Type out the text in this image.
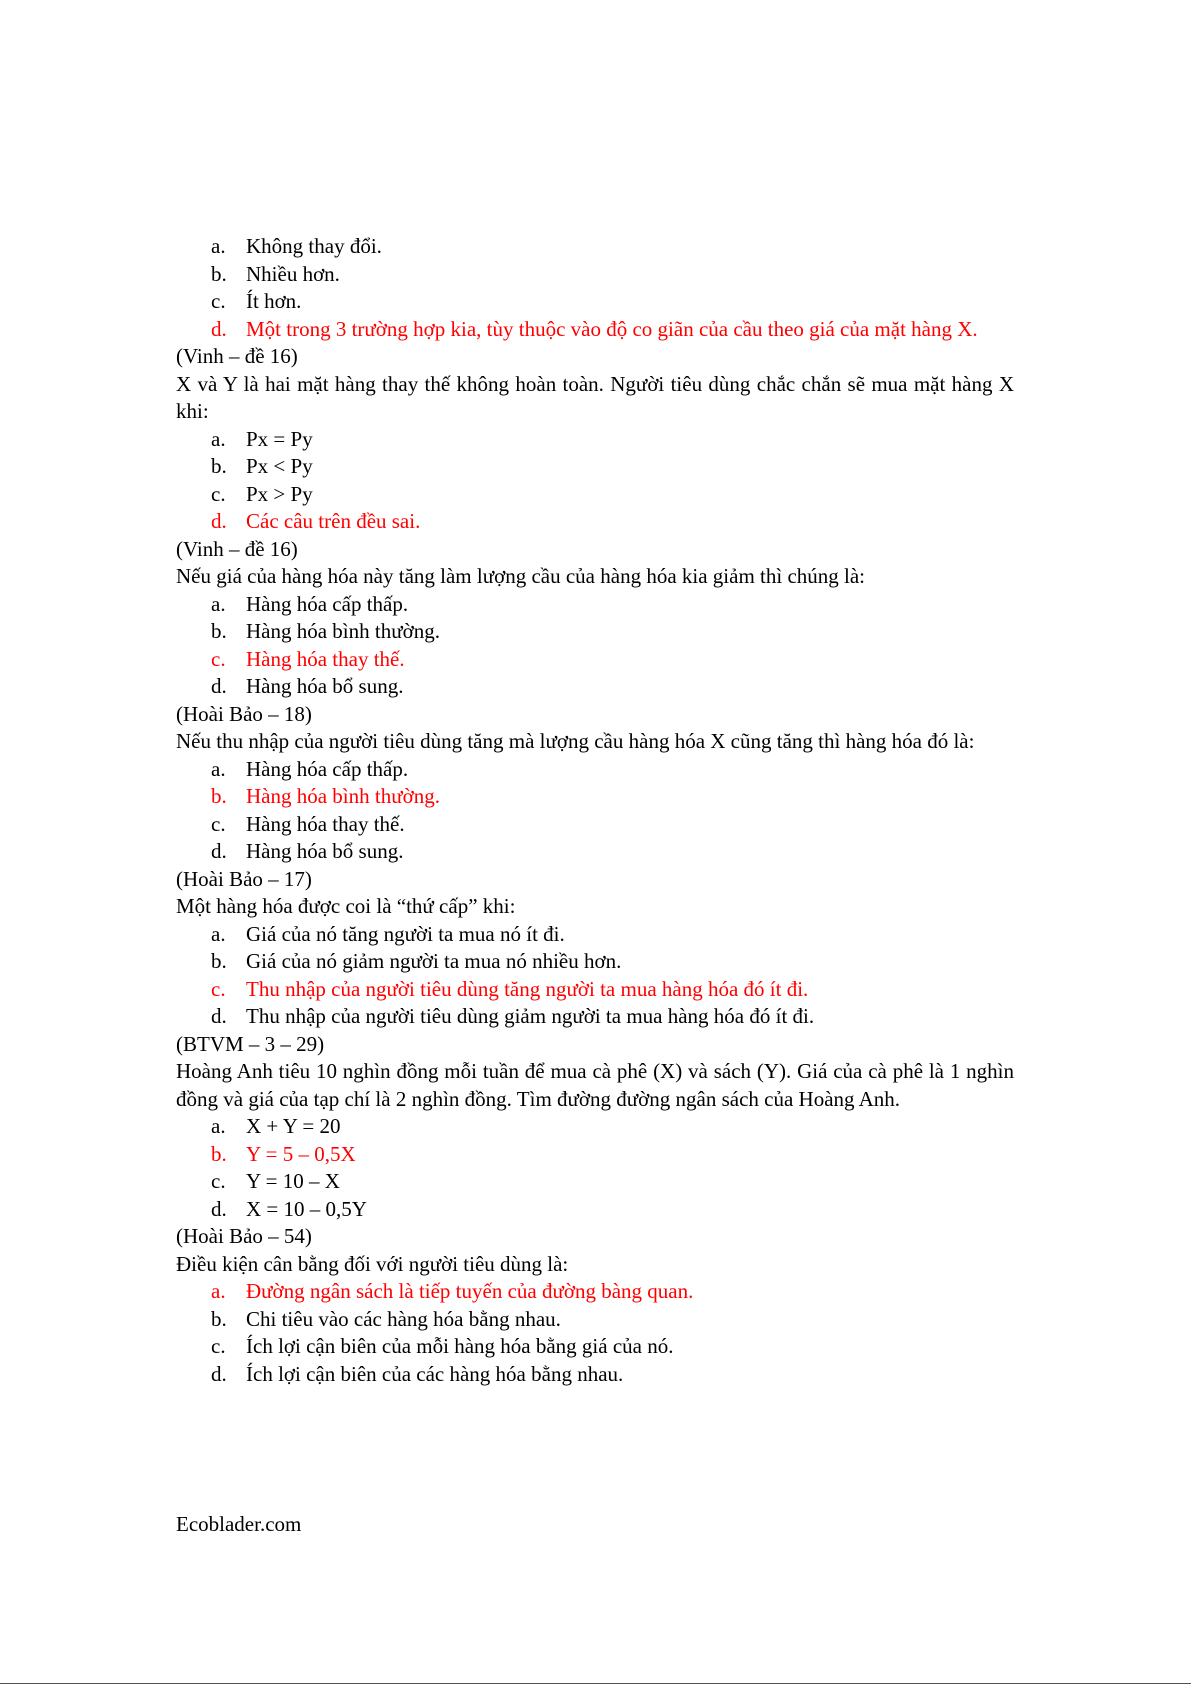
a. Không thay đổi.
b. Nhiều hơn.
c. Ít hơn.
d. Một trong 3 trường hợp kia, tùy thuộc vào độ co giãn của cầu theo giá của mặt hàng X.
(Vinh – đề 16)
X và Y là hai mặt hàng thay thế không hoàn toàn. Người tiêu dùng chắc chắn sẽ mua mặt hàng X khi:
a. Px = Py
b. Px < Py
c. Px > Py
d. Các câu trên đều sai.
(Vinh – đề 16)
Nếu giá của hàng hóa này tăng làm lượng cầu của hàng hóa kia giảm thì chúng là:
a. Hàng hóa cấp thấp.
b. Hàng hóa bình thường.
c. Hàng hóa thay thế.
d. Hàng hóa bổ sung.
(Hoài Bảo – 18)
Nếu thu nhập của người tiêu dùng tăng mà lượng cầu hàng hóa X cũng tăng thì hàng hóa đó là:
a. Hàng hóa cấp thấp.
b. Hàng hóa bình thường.
c. Hàng hóa thay thế.
d. Hàng hóa bổ sung.
(Hoài Bảo – 17)
Một hàng hóa được coi là “thứ cấp” khi:
a. Giá của nó tăng người ta mua nó ít đi.
b. Giá của nó giảm người ta mua nó nhiều hơn.
c. Thu nhập của người tiêu dùng tăng người ta mua hàng hóa đó ít đi.
d. Thu nhập của người tiêu dùng giảm người ta mua hàng hóa đó ít đi.
(BTVM – 3 – 29)
Hoàng Anh tiêu 10 nghìn đồng mỗi tuần để mua cà phê (X) và sách (Y). Giá của cà phê là 1 nghìn đồng và giá của tạp chí là 2 nghìn đồng. Tìm đường đường ngân sách của Hoàng Anh.
a. X + Y = 20
b. Y = 5 – 0,5X
c. Y = 10 – X
d. X = 10 – 0,5Y
(Hoài Bảo – 54)
Điều kiện cân bằng đối với người tiêu dùng là:
a. Đường ngân sách là tiếp tuyến của đường bàng quan.
b. Chi tiêu vào các hàng hóa bằng nhau.
c. Ích lợi cận biên của mỗi hàng hóa bằng giá của nó.
d. Ích lợi cận biên của các hàng hóa bằng nhau.
Ecoblader.com
